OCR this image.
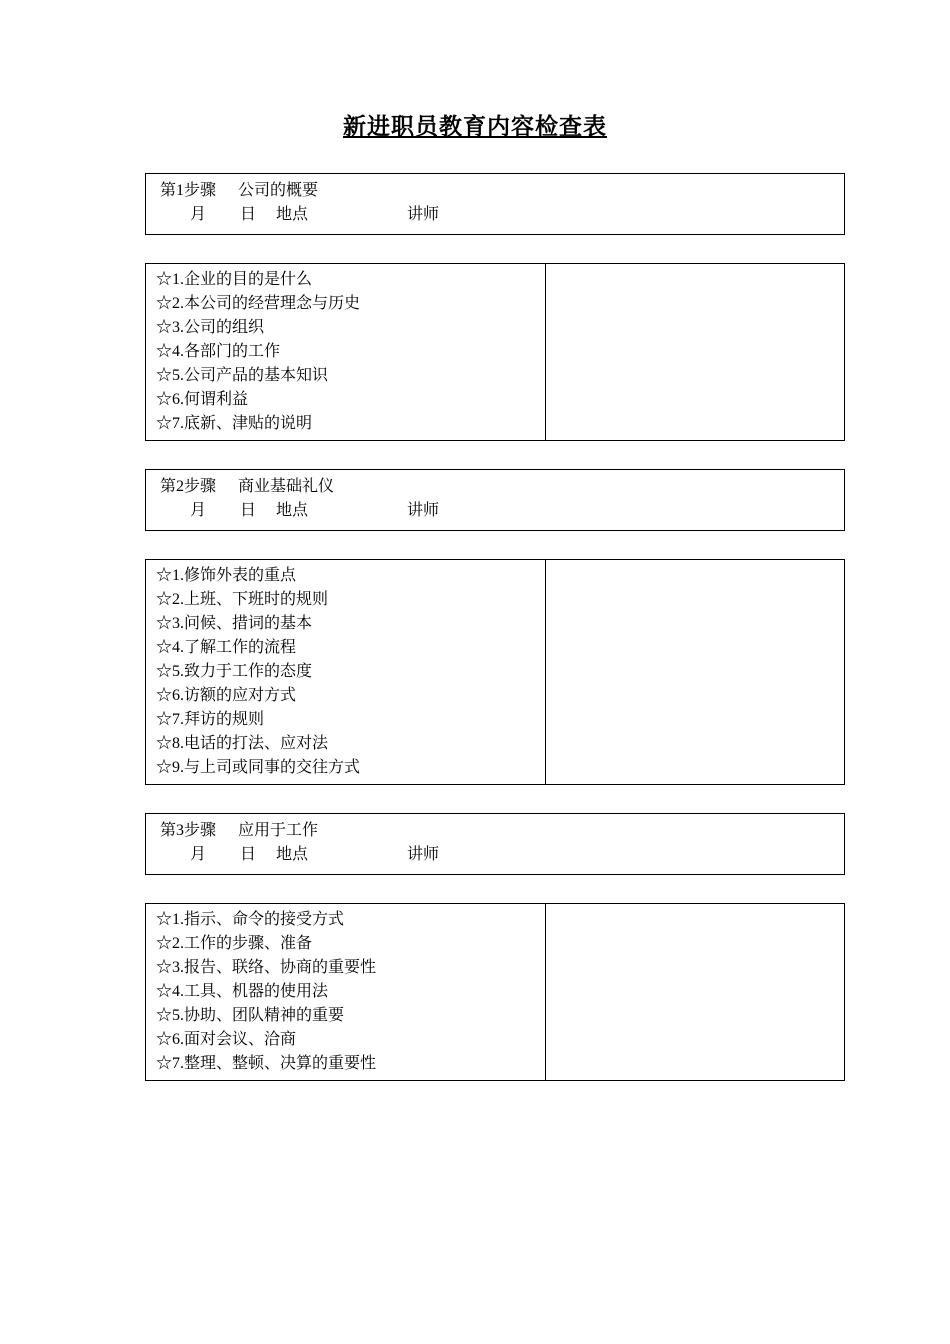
新进职员教育内容检查表
第1步骤 公司的概要
月 日 地点	讲师
☆1.企业的目的是什么
☆2.本公司的经营理念与历史
☆3.公司的组织
☆4.各部门的工作
☆5.公司产品的基本知识
☆6.何谓利益
☆7.底新、津贴的说明
第2步骤 商业基础礼仪
月 日 地点	讲师
☆1.修饰外表的重点
☆2.上班、下班时的规则
☆3.问候、措词的基本
☆4.了解工作的流程
☆5.致力于工作的态度
☆6.访额的应对方式
☆7.拜访的规则
☆8.电话的打法、应对法
☆9.与上司或同事的交往方式
第3步骤 应用于工作
月 日 地点	讲师
☆1.指示、命令的接受方式
☆2.工作的步骤、准备
☆3.报告、联络、协商的重要性
☆4.工具、机器的使用法
☆5.协助、团队精神的重要
☆6.面对会议、洽商
☆7.整理、整顿、决算的重要性
